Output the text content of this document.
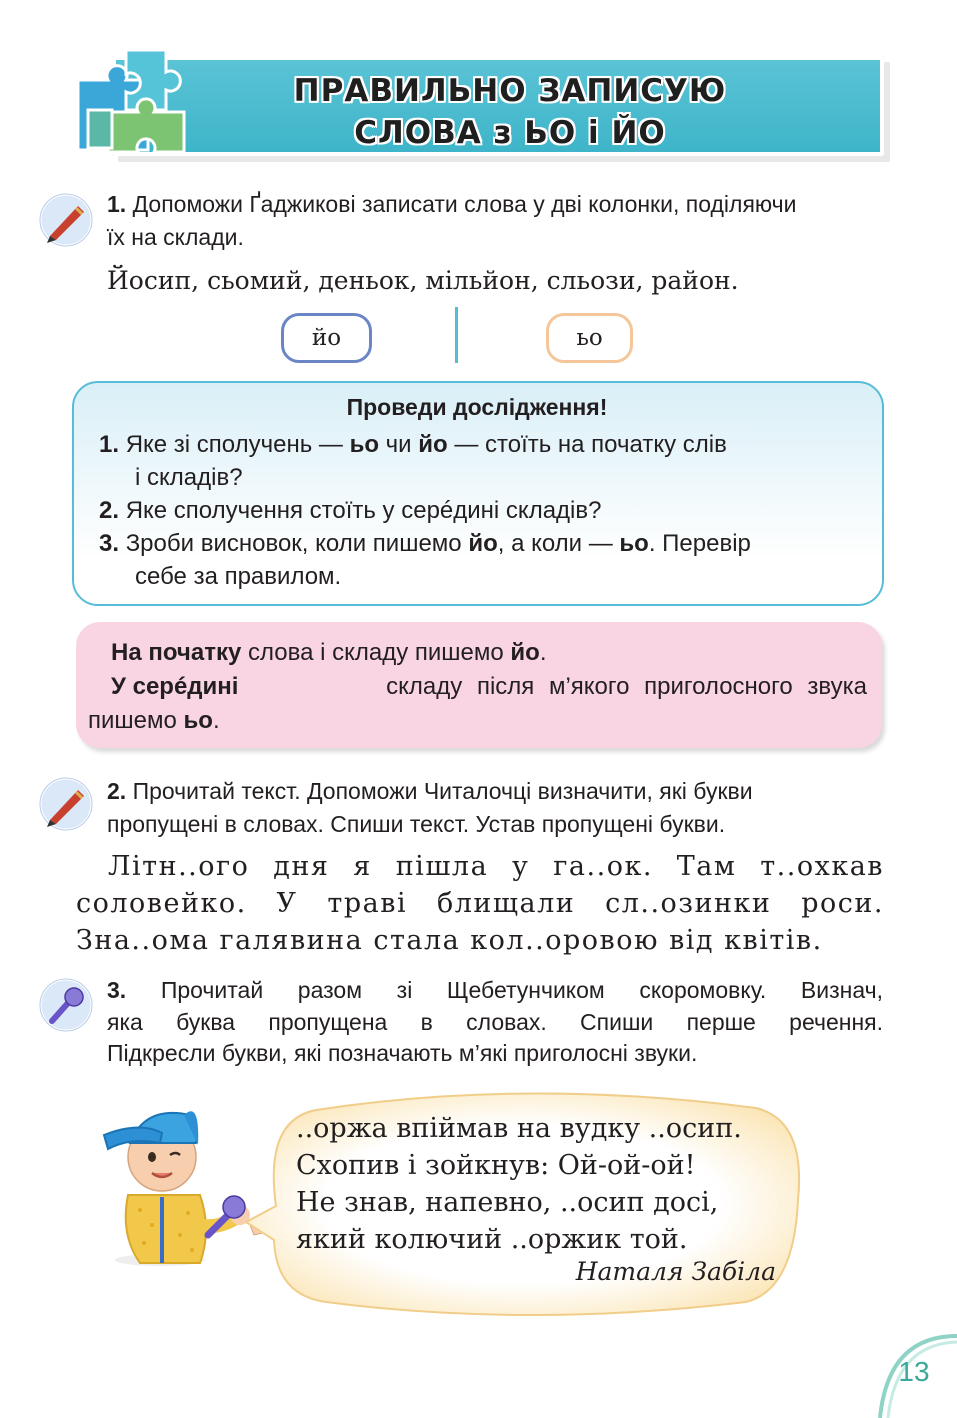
ПРАВИЛЬНО ЗАПИСУЮ
СЛОВА з ЬО і ЙО
1. Допоможи Ґаджикові записати слова у дві колонки, поділяючи
їх на склади.
Йосип, сьомий, деньок, мільйон, сльози, район.
йо	ьо
Проведи дослідження!
1. Яке зі сполучень — ьо чи йо — стоїть на початку слів
і складів?
2. Яке сполучення стоїть у серéдині складів?
3. Зроби висновок, коли пишемо йо, а коли — ьо. Перевір
себе за правилом.
На початку слова і складу пишемо йо.
У серéдині	складу після м’якого приголосного звука
пишемо ьо.
2. Прочитай текст. Допоможи Читалочці визначити, які букви
пропущені в словах. Спиши текст. Устав пропущені букви.
Літн..ого дня я пішла у га..ок. Там т..охкав
соловейко. У траві блищали сл..озинки роси.
Зна..ома галявина стала кол..оровою від квітів.
3. Прочитай разом зі Щебетунчиком скоромовку. Визнач,
яка буква пропущена в словах. Спиши перше речення.
Підкресли букви, які позначають м’які приголосні звуки.
..оржа впіймав на вудку ..осип.
Схопив і зойкнув: Ой-ой-ой!
Не знав, напевно, ..осип досі,
який колючий ..оржик той.
Наталя Забіла
13
